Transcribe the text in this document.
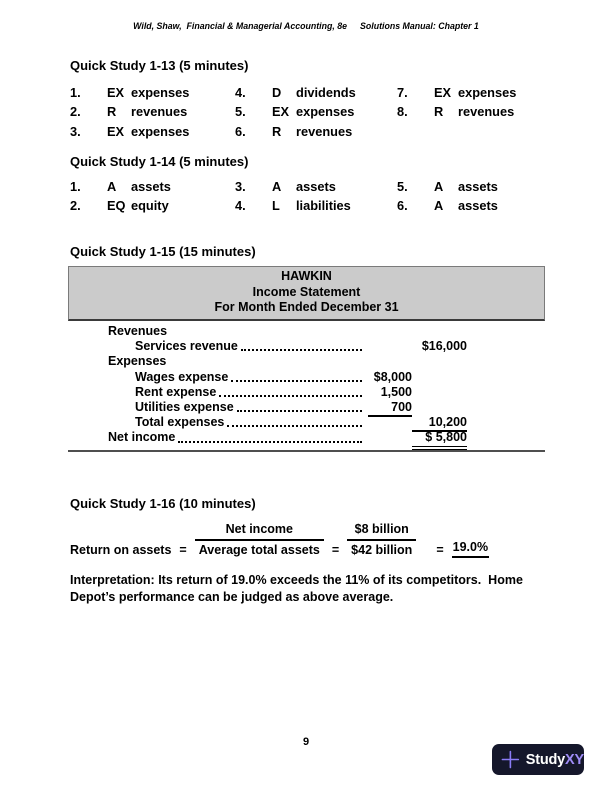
Wild, Shaw,  Financial & Managerial Accounting, 8e Solutions Manual: Chapter 1
Quick Study 1-13 (5 minutes)
1.	EX expenses
2.	R	revenues
3.	EX expenses
4.	D	dividends
5.	EX expenses
6.	R	revenues
7.	EX expenses
8.	R	revenues
Quick Study 1-14 (5 minutes)
1.	A	assets
2.	EQ equity
3.	A	assets
4.	L	liabilities
5.	A	assets
6.	A	assets
Quick Study 1-15 (15 minutes)
HAWKIN
Income Statement
For Month Ended December 31
Revenues
Services revenue	$16,000
Expenses
Wages expense	$8,000
Rent expense	1,500
Utilities expense	700
Total expenses	10,200
Net income	$ 5,800
Quick Study 1-16 (10 minutes)
Return on assets = $\frac{\text{Net income}}{\text{Average total assets}} = \frac{\text{\$8 billion}}{\text{\$42 billion}} = 19.0\%$
Interpretation: Its return of 19.0% exceeds the 11% of its competitors.  Home Depot’s performance can be judged as above average.
9
StudyXY
